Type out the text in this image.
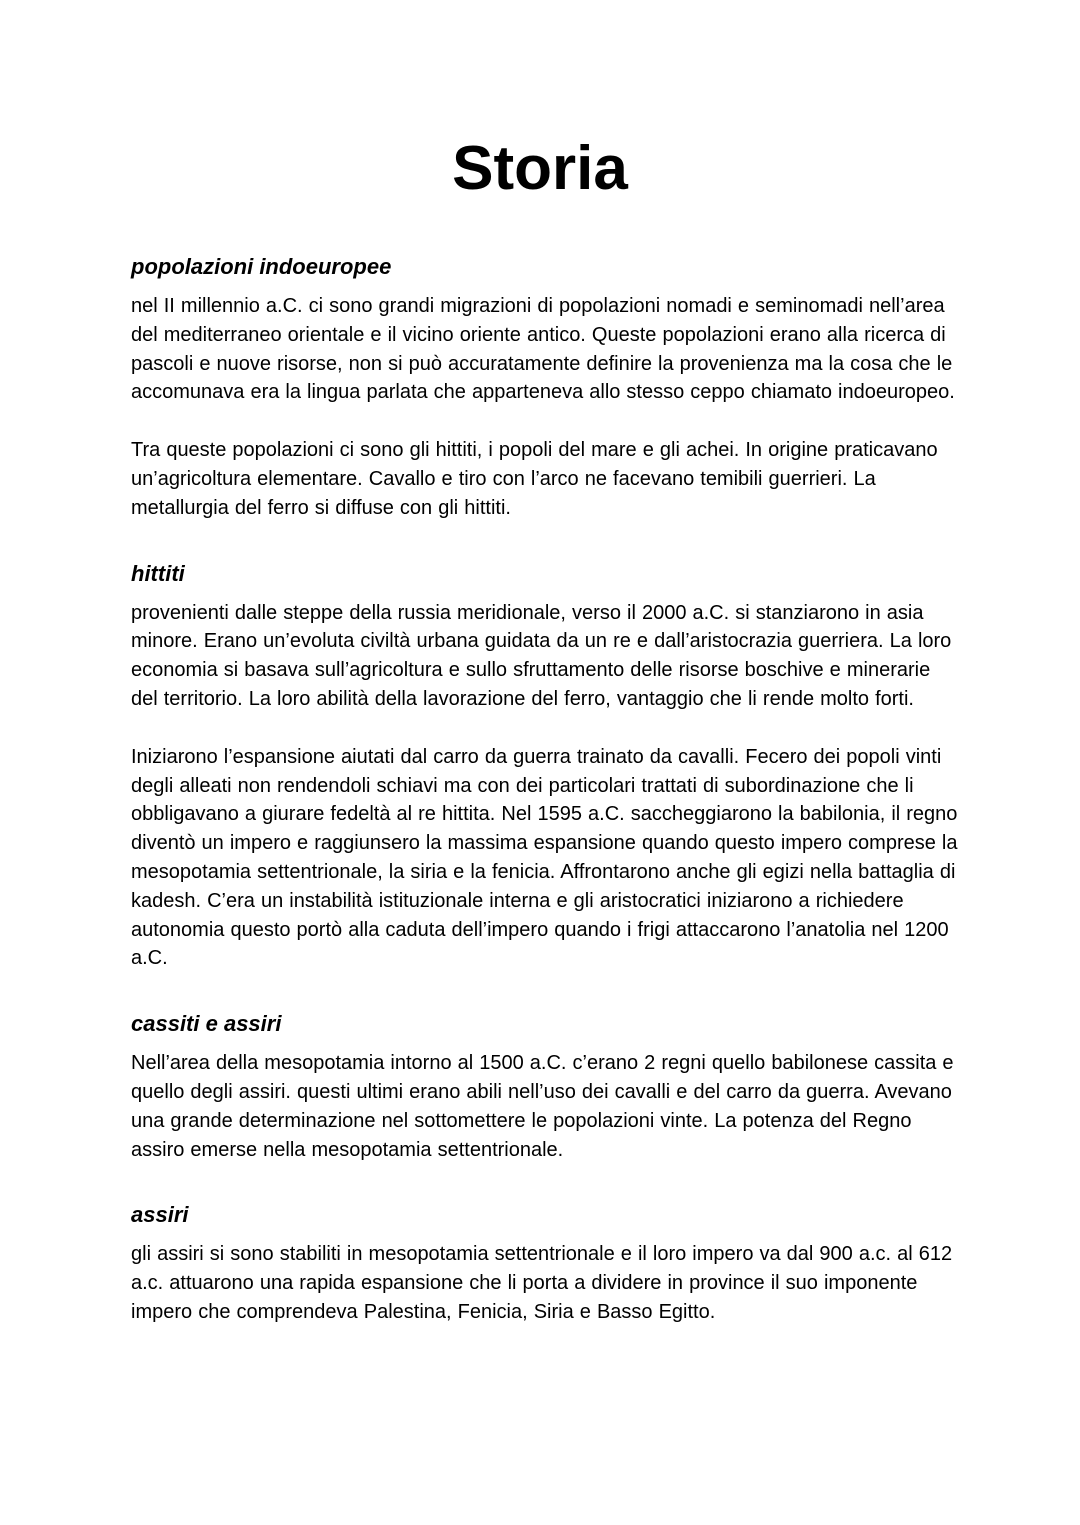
Storia
popolazioni indoeuropee

nel II millennio a.C. ci sono grandi migrazioni di popolazioni nomadi e seminomadi nell’area del mediterraneo orientale e il vicino oriente antico. Queste popolazioni erano alla ricerca di pascoli e nuove risorse, non si può accuratamente definire la provenienza ma la cosa che le accomunava era la lingua parlata che apparteneva allo stesso ceppo chiamato indoeuropeo.

Tra queste popolazioni ci sono gli hittiti, i popoli del mare e gli achei. In origine praticavano un’agricoltura elementare. Cavallo e tiro con l’arco ne facevano temibili guerrieri. La metallurgia del ferro si diffuse con gli hittiti.

hittiti

provenienti dalle steppe della russia meridionale, verso il 2000 a.C. si stanziarono in asia minore. Erano un’evoluta civiltà urbana guidata da un re e dall’aristocrazia guerriera. La loro economia si basava sull’agricoltura e sullo sfruttamento delle risorse boschive e minerarie del territorio. La loro abilità della lavorazione del ferro, vantaggio che li rende molto forti.

Iniziarono l’espansione aiutati dal carro da guerra trainato da cavalli. Fecero dei popoli vinti degli alleati non rendendoli schiavi ma con dei particolari trattati di subordinazione che li obbligavano a giurare fedeltà al re hittita. Nel 1595 a.C. saccheggiarono la babilonia, il regno diventò un impero e raggiunsero la massima espansione quando questo impero comprese la mesopotamia settentrionale, la siria e la fenicia. Affrontarono anche gli egizi nella battaglia di kadesh. C’era un instabilità istituzionale interna e gli aristocratici iniziarono a richiedere autonomia questo portò alla caduta dell’impero quando i frigi attaccarono l’anatolia nel 1200 a.C.

cassiti e assiri

Nell’area della mesopotamia intorno al 1500 a.C. c’erano 2 regni quello babilonese cassita e quello degli assiri. questi ultimi erano abili nell’uso dei cavalli e del carro da guerra. Avevano una grande determinazione nel sottomettere le popolazioni vinte. La potenza del Regno assiro emerse nella mesopotamia settentrionale.

assiri

gli assiri si sono stabiliti in mesopotamia settentrionale e il loro impero va dal 900 a.c. al 612 a.c. attuarono una rapida espansione che li porta a dividere in province il suo imponente impero che comprendeva Palestina, Fenicia, Siria e Basso Egitto.
